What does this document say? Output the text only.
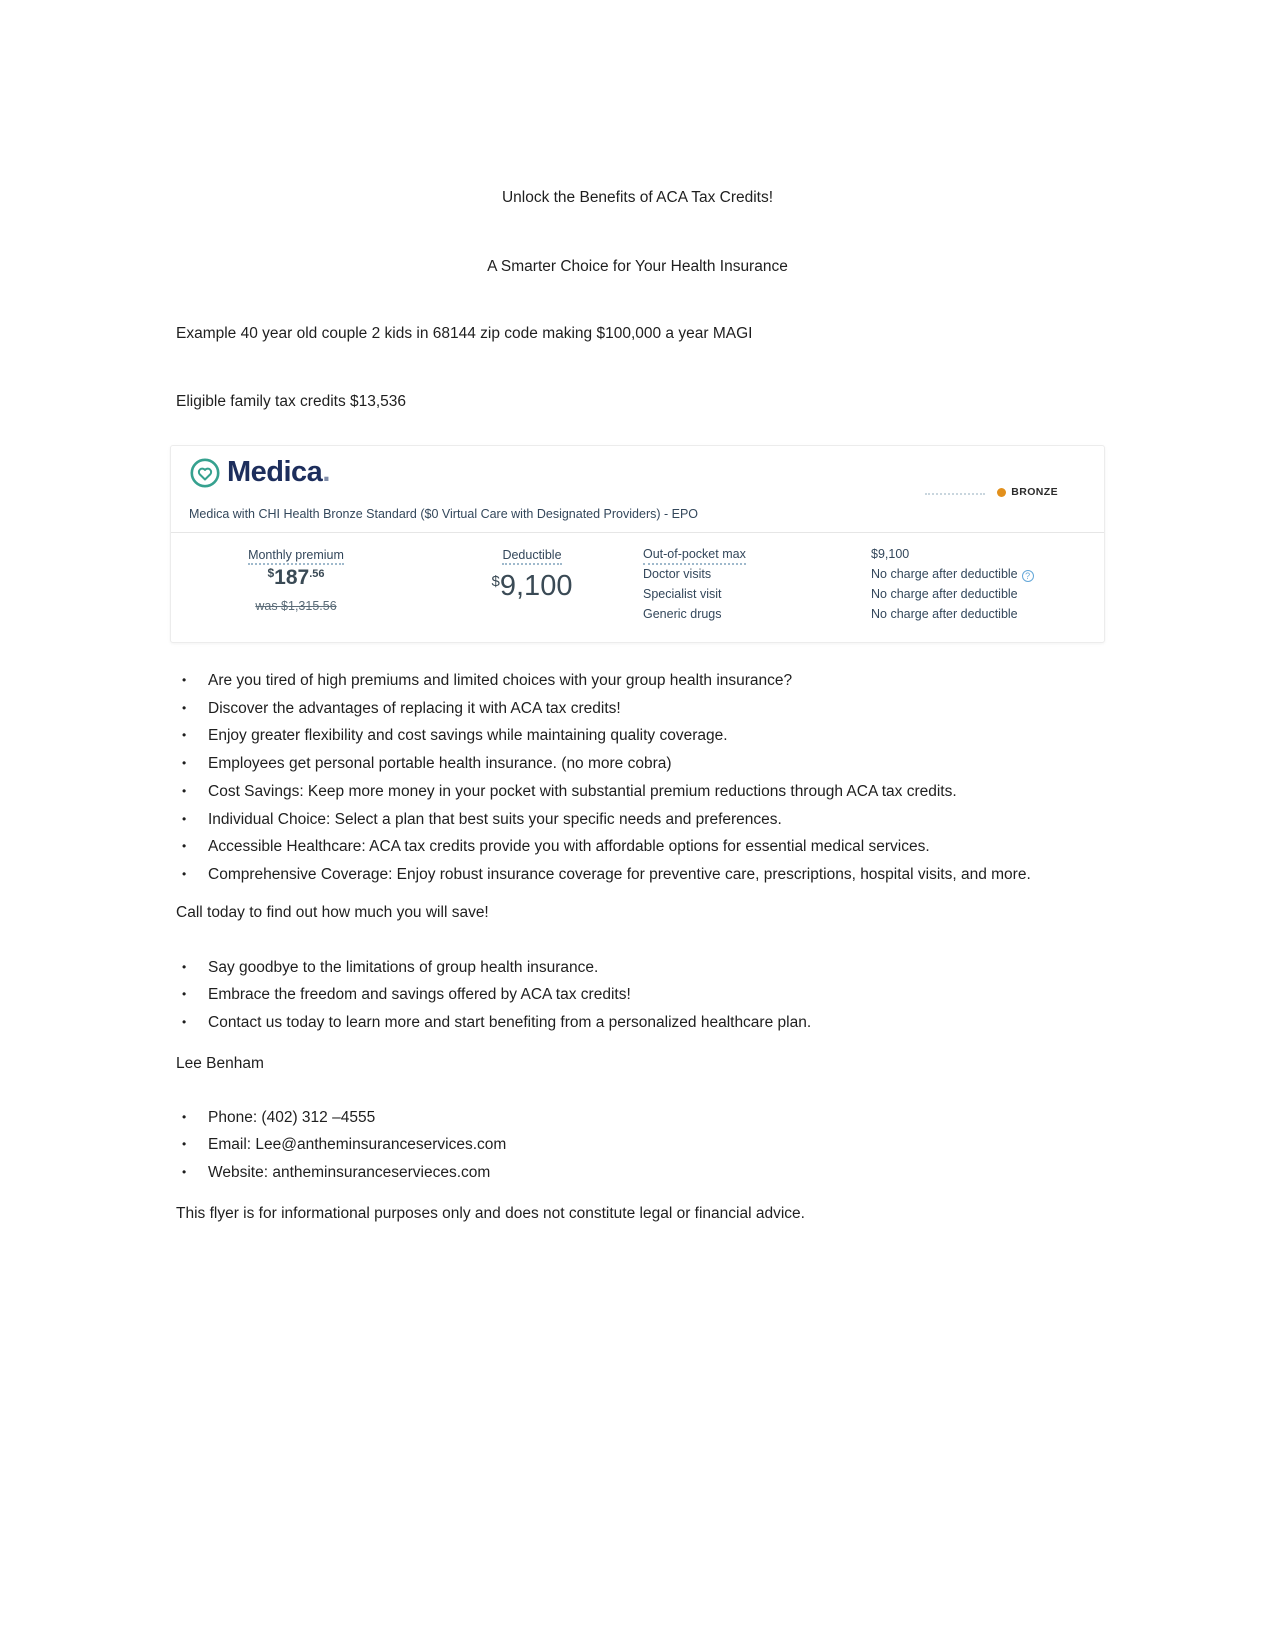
Unlock the Benefits of ACA Tax Credits!

A Smarter Choice for Your Health Insurance

Example 40 year old couple 2 kids in 68144 zip code making $100,000 a year MAGI

Eligible family tax credits $13,536

Medica.
BRONZE

Medica with CHI Health Bronze Standard ($0 Virtual Care with Designated Providers) - EPO

Monthly premium
$^{\$}187^{.56}$
was $1,315.56
Deductible
$9,100
Out-of-pocket max
Doctor visits
Specialist visit
Generic drugs
$9,100
No charge after deductible ?
No charge after deductible
No charge after deductible

• Are you tired of high premiums and limited choices with your group health insurance?

• Discover the advantages of replacing it with ACA tax credits!

• Enjoy greater flexibility and cost savings while maintaining quality coverage.

• Employees get personal portable health insurance. (no more cobra)

• Cost Savings: Keep more money in your pocket with substantial premium reductions through ACA tax credits.

• Individual Choice: Select a plan that best suits your specific needs and preferences.

• Accessible Healthcare: ACA tax credits provide you with affordable options for essential medical services.

• Comprehensive Coverage: Enjoy robust insurance coverage for preventive care, prescriptions, hospital visits, and more.

Call today to find out how much you will save!

• Say goodbye to the limitations of group health insurance.

• Embrace the freedom and savings offered by ACA tax credits!

• Contact us today to learn more and start benefiting from a personalized healthcare plan.

Lee Benham

• Phone: (402) 312 –4555

• Email: Lee@antheminsuranceservices.com

• Website: antheminsuranceservieces.com

This flyer is for informational purposes only and does not constitute legal or financial advice.
